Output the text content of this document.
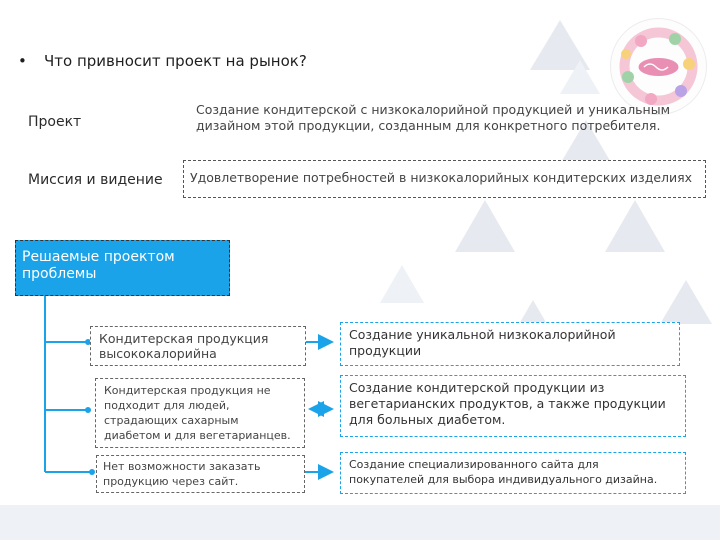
• Что привносит проект на рынок?
Проект
Создание кондитерской с низкокалорийной продукцией и уникальным дизайном этой продукции, созданным для конкретного потребителя.
Миссия и видение	Удовлетворение потребностей в низкокалорийных кондитерских изделиях
Решаемые проектом проблемы
Кондитерская продукция высококалорийна
Создание уникальной низкокалорийной продукции
Кондитерская продукция не подходит для людей, страдающих сахарным диабетом и для вегетарианцев.
Создание кондитерской продукции из вегетарианских продуктов, а также продукции для больных диабетом.
Нет возможности заказать продукцию через сайт.
Создание специализированного сайта для покупателей для выбора индивидуального дизайна.
